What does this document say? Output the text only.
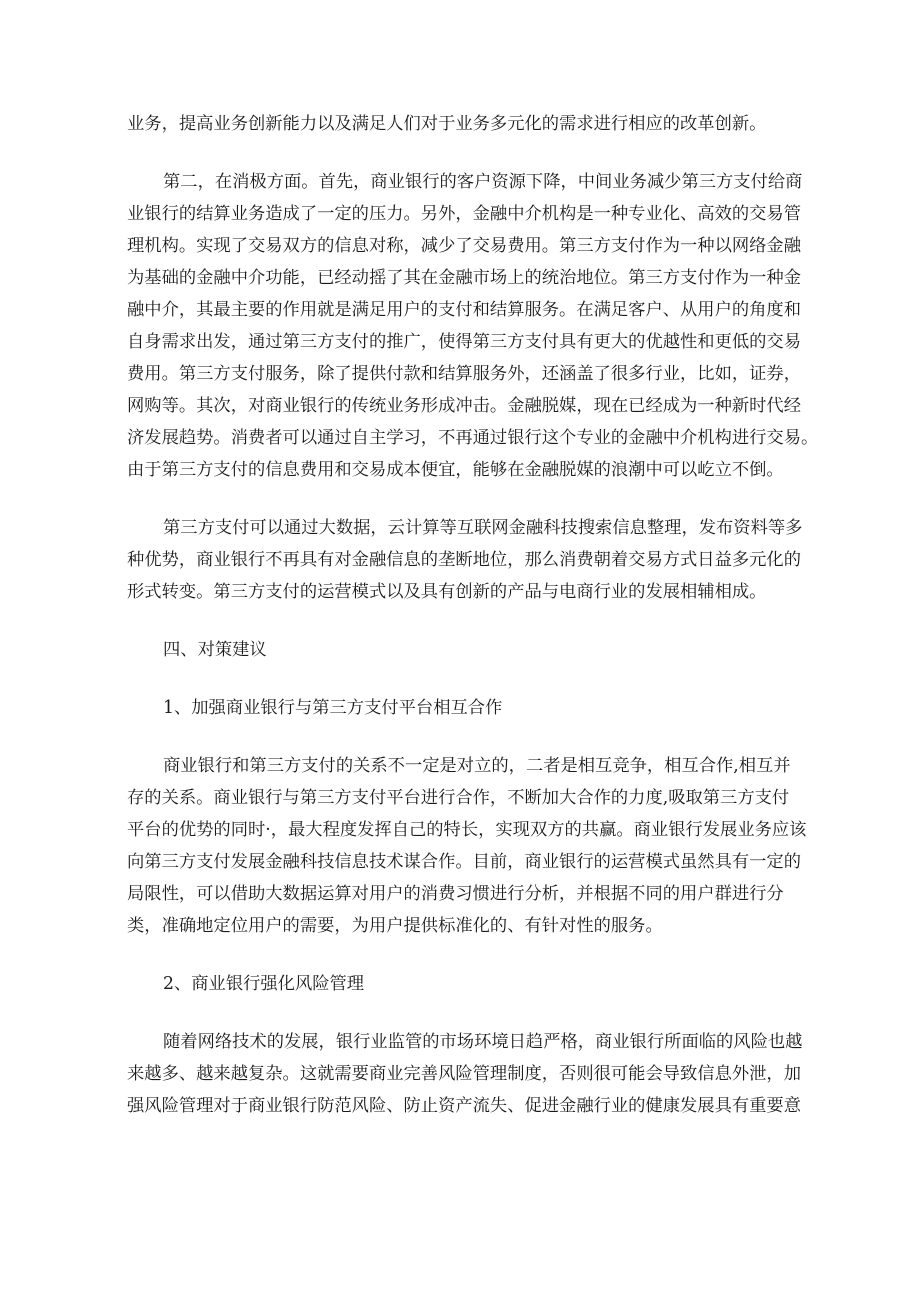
业务，提高业务创新能力以及满足人们对于业务多元化的需求进行相应的改革创新。

第二，在消极方面。首先，商业银行的客户资源下降，中间业务减少第三方支付给商
业银行的结算业务造成了一定的压力。另外，金融中介机构是一种专业化、高效的交易管
理机构。实现了交易双方的信息对称，减少了交易费用。第三方支付作为一种以网络金融
为基础的金融中介功能，已经动摇了其在金融市场上的统治地位。第三方支付作为一种金
融中介，其最主要的作用就是满足用户的支付和结算服务。在满足客户、从用户的角度和
自身需求出发，通过第三方支付的推广，使得第三方支付具有更大的优越性和更低的交易
费用。第三方支付服务，除了提供付款和结算服务外，还涵盖了很多行业，比如，证券，
网购等。其次，对商业银行的传统业务形成冲击。金融脱媒，现在已经成为一种新时代经
济发展趋势。消费者可以通过自主学习，不再通过银行这个专业的金融中介机构进行交易。
由于第三方支付的信息费用和交易成本便宜，能够在金融脱媒的浪潮中可以屹立不倒。

第三方支付可以通过大数据，云计算等互联网金融科技搜索信息整理，发布资料等多
种优势，商业银行不再具有对金融信息的垄断地位，那么消费朝着交易方式日益多元化的
形式转变。第三方支付的运营模式以及具有创新的产品与电商行业的发展相辅相成。

四、对策建议

1、加强商业银行与第三方支付平台相互合作

商业银行和第三方支付的关系不一定是对立的，二者是相互竞争，相互合作,相互并
存的关系。商业银行与第三方支付平台进行合作，不断加大合作的力度,吸取第三方支付
平台的优势的同时·，最大程度发挥自己的特长，实现双方的共赢。商业银行发展业务应该
向第三方支付发展金融科技信息技术谋合作。目前，商业银行的运营模式虽然具有一定的
局限性，可以借助大数据运算对用户的消费习惯进行分析，并根据不同的用户群进行分
类，准确地定位用户的需要，为用户提供标准化的、有针对性的服务。

2、商业银行强化风险管理

随着网络技术的发展，银行业监管的市场环境日趋严格，商业银行所面临的风险也越
来越多、越来越复杂。这就需要商业完善风险管理制度，否则很可能会导致信息外泄，加
强风险管理对于商业银行防范风险、防止资产流失、促进金融行业的健康发展具有重要意
